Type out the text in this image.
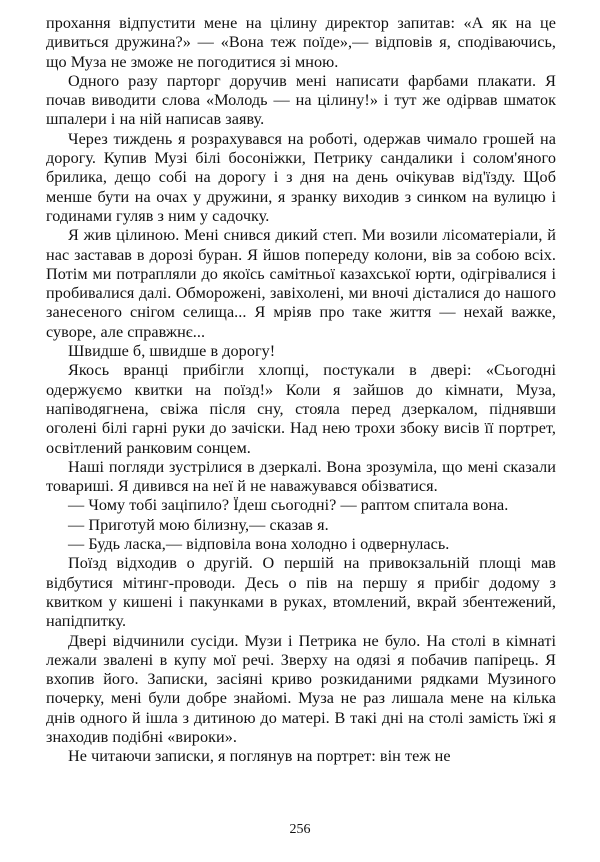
прохання відпустити мене на цілину директор запитав: «А як на це дивиться дружина?» — «Вона теж поїде»,— відповів я, сподіваючись, що Муза не зможе не погодитися зі мною.

Одного разу парторг доручив мені написати фарбами плакати. Я почав виводити слова «Молодь — на цілину!» і тут же одірвав шматок шпалери і на ній написав заяву.

Через тиждень я розрахувався на роботі, одержав чимало грошей на дорогу. Купив Музі білі босоніжки, Петрику сандалики і солом'яного брилика, дещо собі на дорогу і з дня на день очікував від'їзду. Щоб менше бути на очах у дружини, я зранку виходив з синком на вулицю і годинами гуляв з ним у садочку.

Я жив цілиною. Мені снився дикий степ. Ми возили лісоматеріали, й нас заставав в дорозі буран. Я йшов попереду колони, вів за собою всіх. Потім ми потрапляли до якоїсь самітньої казахської юрти, одігрівалися і пробивалися далі. Обморожені, завіхолені, ми вночі дісталися до нашого занесеного снігом селища... Я мріяв про таке життя — нехай важке, суворе, але справжнє...

Швидше б, швидше в дорогу!

Якось вранці прибігли хлопці, постукали в двері: «Сьогодні одержуємо квитки на поїзд!» Коли я зайшов до кімнати, Муза, напіводягнена, свіжа після сну, стояла перед дзеркалом, піднявши оголені білі гарні руки до зачіски. Над нею трохи збоку висів її портрет, освітлений ранковим сонцем.

Наші погляди зустрілися в дзеркалі. Вона зрозуміла, що мені сказали товариші. Я дивився на неї й не наважувався обізватися.

— Чому тобі заціпило? Їдеш сьогодні? — раптом спитала вона.

— Приготуй мою білизну,— сказав я.

— Будь ласка,— відповіла вона холодно і одвернулась.

Поїзд відходив о другій. О першій на привокзальній площі мав відбутися мітинг-проводи. Десь о пів на першу я прибіг додому з квитком у кишені і пакунками в руках, втомлений, вкрай збентежений, напідпитку.

Двері відчинили сусіди. Музи і Петрика не було. На столі в кімнаті лежали звалені в купу мої речі. Зверху на одязі я побачив папірець. Я вхопив його. Записки, засіяні криво розкиданими рядками Музиного почерку, мені були добре знайомі. Муза не раз лишала мене на кілька днів одного й ішла з дитиною до матері. В такі дні на столі замість їжі я знаходив подібні «вироки».

Не читаючи записки, я поглянув на портрет: він теж не

256
